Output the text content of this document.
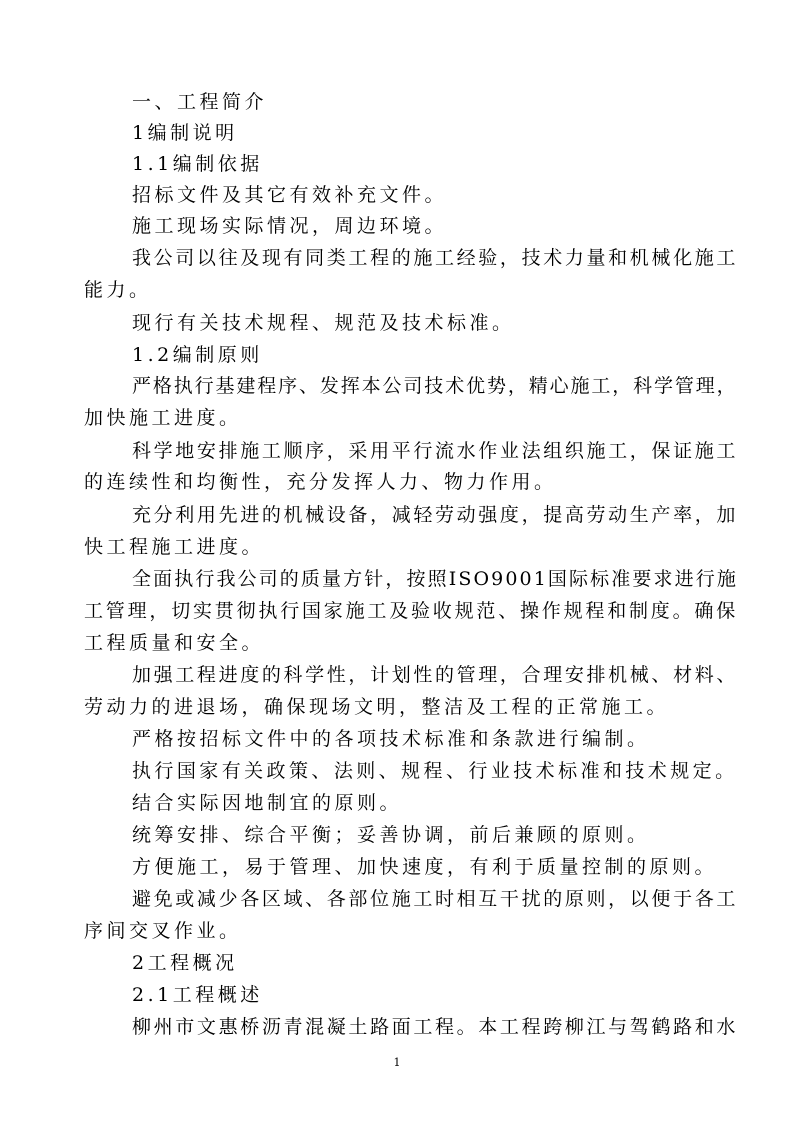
一、工程简介
1编制说明
1.1编制依据
招标文件及其它有效补充文件。
施工现场实际情况，周边环境。
我公司以往及现有同类工程的施工经验，技术力量和机械化施工
能力。
现行有关技术规程、规范及技术标准。
1.2编制原则
严格执行基建程序、发挥本公司技术优势，精心施工，科学管理，
加快施工进度。
科学地安排施工顺序，采用平行流水作业法组织施工，保证施工
的连续性和均衡性，充分发挥人力、物力作用。
充分利用先进的机械设备，减轻劳动强度，提高劳动生产率，加
快工程施工进度。
全面执行我公司的质量方针，按照ISO9001国际标准要求进行施
工管理，切实贯彻执行国家施工及验收规范、操作规程和制度。确保
工程质量和安全。
加强工程进度的科学性，计划性的管理，合理安排机械、材料、
劳动力的进退场，确保现场文明，整洁及工程的正常施工。
严格按招标文件中的各项技术标准和条款进行编制。
执行国家有关政策、法则、规程、行业技术标准和技术规定。
结合实际因地制宜的原则。
统筹安排、综合平衡；妥善协调，前后兼顾的原则。
方便施工，易于管理、加快速度，有利于质量控制的原则。
避免或减少各区域、各部位施工时相互干扰的原则，以便于各工
序间交叉作业。
2工程概况
2.1工程概述
柳州市文惠桥沥青混凝土路面工程。本工程跨柳江与驾鹤路和水
1
